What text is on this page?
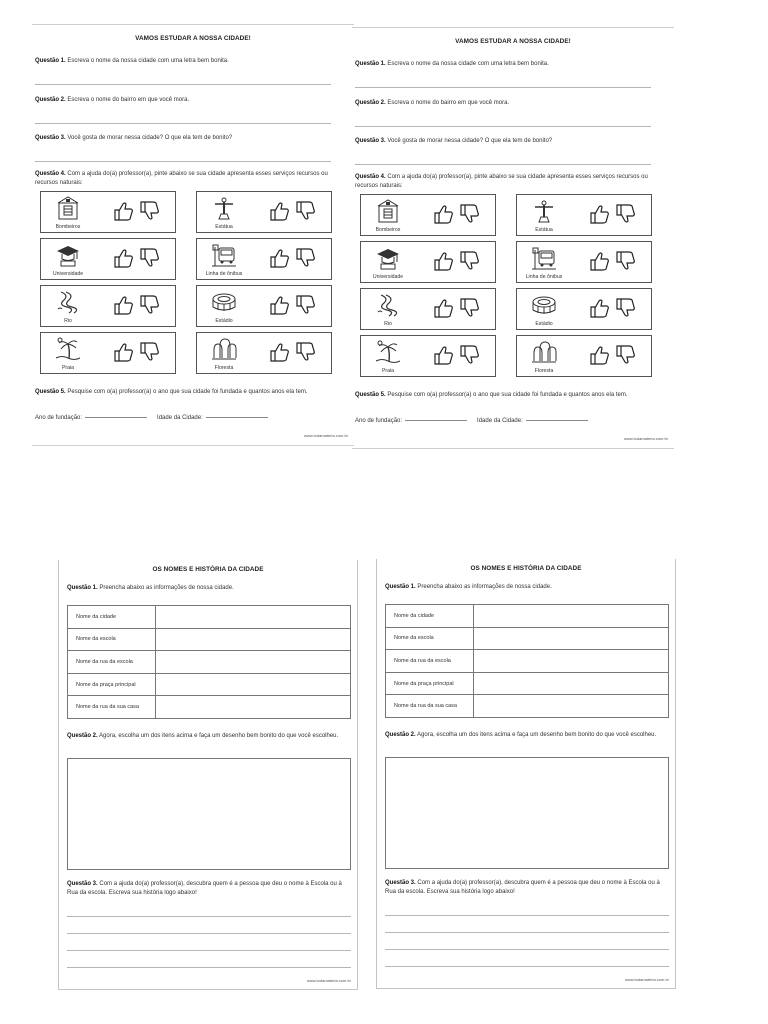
VAMOS ESTUDAR A NOSSA CIDADE!
Questão 1. Escreva o nome da nossa cidade com uma letra bem bonita.
Questão 2. Escreva o nome do bairro em que você mora.
Questão 3. Você gosta de morar nessa cidade? O que ela tem de bonito?
Questão 4. Com a ajuda do(a) professor(a), pinte abaixo se sua cidade apresenta esses serviços recursos ou recursos naturais:
Bombeiros	Estátua
Universidade	Linha de ônibus
Rio	Estádio
Praia	Floresta
Questão 5. Pesquise com o(a) professor(a) o ano que sua cidade foi fundada e quantos anos ela tem.
Ano de fundação:	Idade da Cidade:
www.todamateria.com.br
VAMOS ESTUDAR A NOSSA CIDADE!
Questão 1. Escreva o nome da nossa cidade com uma letra bem bonita.
Questão 2. Escreva o nome do bairro em que você mora.
Questão 3. Você gosta de morar nessa cidade? O que ela tem de bonito?
Questão 4. Com a ajuda do(a) professor(a), pinte abaixo se sua cidade apresenta esses serviços recursos ou recursos naturais:
Bombeiros	Estátua
Universidade	Linha de ônibus
Rio	Estádio
Praia	Floresta
Questão 5. Pesquise com o(a) professor(a) o ano que sua cidade foi fundada e quantos anos ela tem.
Ano de fundação:	Idade da Cidade:
www.todamateria.com.br
OS NOMES E HISTÓRIA DA CIDADE
Questão 1. Preencha abaixo as informações de nossa cidade.
Nome da cidade	
Nome da escola	
Nome da rua da escola	
Nome da praça principal	
Nome da rua da sua casa	
Questão 2. Agora, escolha um dos itens acima e faça um desenho bem bonito do que você escolheu.
Questão 3. Com a ajuda do(a) professor(a), descubra quem é a pessoa que deu o nome à Escola ou à Rua da escola. Escreva sua história logo abaixo!
www.todamateria.com.br
OS NOMES E HISTÓRIA DA CIDADE
Questão 1. Preencha abaixo as informações de nossa cidade.
Nome da cidade	
Nome da escola	
Nome da rua da escola	
Nome da praça principal	
Nome da rua da sua casa	
Questão 2. Agora, escolha um dos itens acima e faça um desenho bem bonito do que você escolheu.
Questão 3. Com a ajuda do(a) professor(a), descubra quem é a pessoa que deu o nome à Escola ou à Rua da escola. Escreva sua história logo abaixo!
www.todamateria.com.br
